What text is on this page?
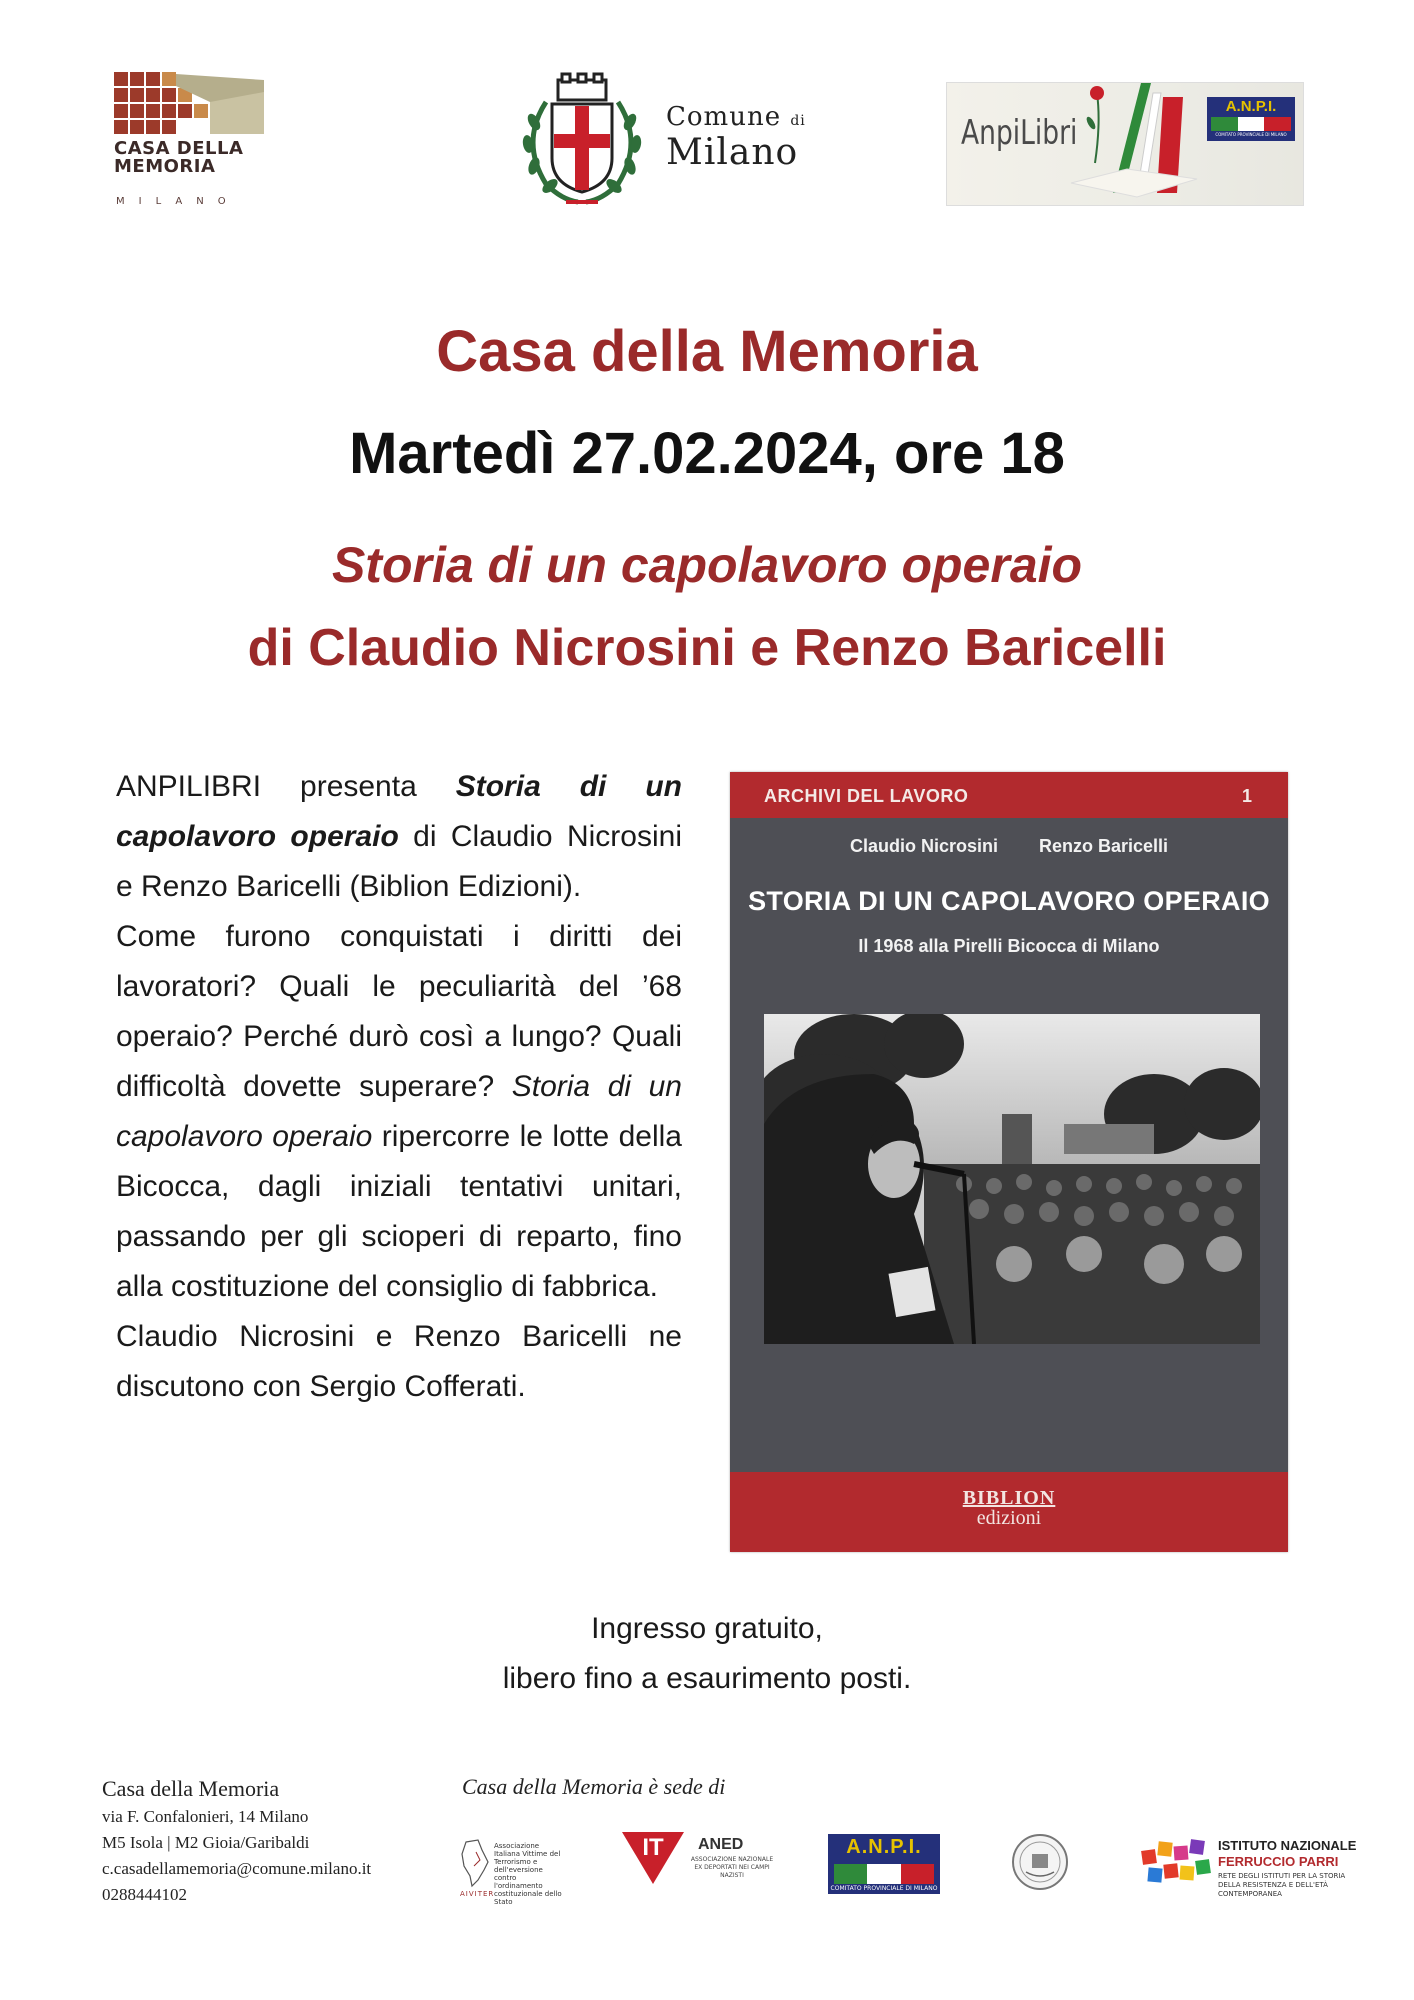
CASA DELLA
MEMORIA
MILANO
Comune di
Milano	AnpiLibri
A.N.P.I.
COMITATO PROVINCIALE DI MILANO
Casa della Memoria
Martedì 27.02.2024, ore 18
Storia di un capolavoro operaio
di Claudio Nicrosini e Renzo Baricelli

ANPILIBRI presenta Storia di un capolavoro operaio di Claudio Nicrosini e Renzo Baricelli (Biblion Edizioni).

Come furono conquistati i diritti dei lavoratori? Quali le peculiarità del ’68 operaio? Perché durò così a lungo? Quali difficoltà dovette superare? Storia di un capolavoro operaio ripercorre le lotte della Bicocca, dagli iniziali tentativi unitari, passando per gli scioperi di reparto, fino alla costituzione del consiglio di fabbrica.

Claudio Nicrosini e Renzo Baricelli ne discutono con Sergio Cofferati.

ARCHIVI DEL LAVORO	1
Claudio Nicrosini Renzo Baricelli
STORIA DI UN CAPOLAVORO OPERAIO
Il 1968 alla Pirelli Bicocca di Milano
BIBLION
edizioni

Ingresso gratuito,

libero fino a esaurimento posti.

Casa della Memoria
via F. Confalonieri, 14 Milano
M5 Isola | M2 Gioia/Garibaldi
c.casadellamemoria@comune.milano.it
0288444102
Casa della Memoria è sede di
Associazione Italiana Vittime del Terrorismo e dell'eversione contro l'ordinamento costituzionale dello Stato
AIVITER
IT	ANED
ASSOCIAZIONE NAZIONALE EX DEPORTATI NEI CAMPI NAZISTI
A.N.P.I.
COMITATO PROVINCIALE DI MILANO
ISTITUTO NAZIONALE
FERRUCCIO PARRI
RETE DEGLI ISTITUTI PER LA STORIA DELLA RESISTENZA E DELL'ETÀ CONTEMPORANEA
